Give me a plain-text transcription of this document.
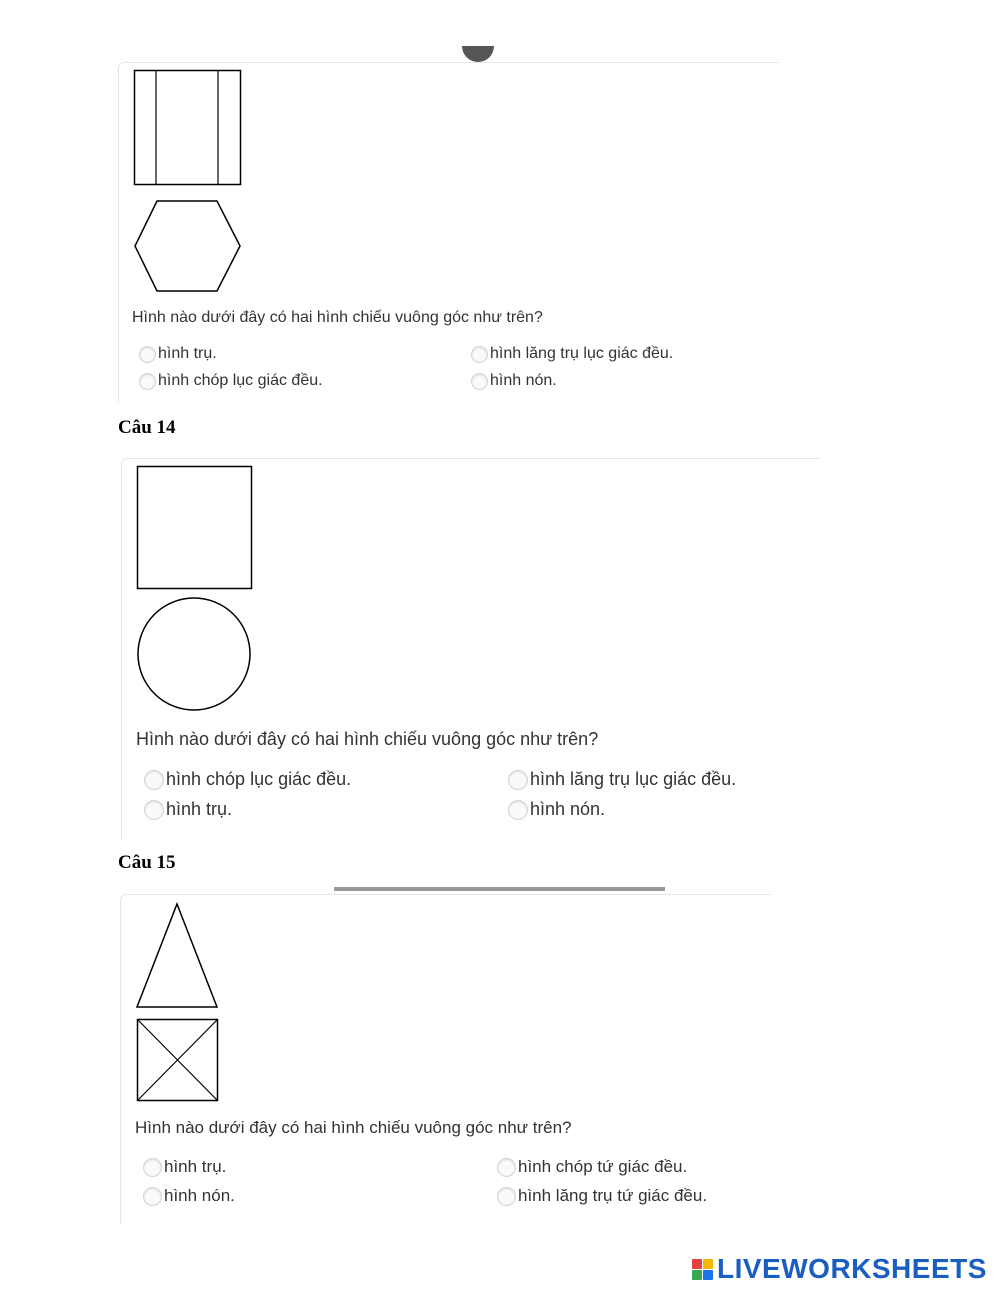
Hình nào dưới đây có hai hình chiếu vuông góc như trên?
hình trụ.	hình lăng trụ lục giác đều.
hình chóp lục giác đều.	hình nón.
Câu 14
Hình nào dưới đây có hai hình chiếu vuông góc như trên?
hình chóp lục giác đều.	hình lăng trụ lục giác đều.
hình trụ.	hình nón.
Câu 15
Hình nào dưới đây có hai hình chiếu vuông góc như trên?
hình trụ.	hình chóp tứ giác đều.
hình nón.	hình lăng trụ tứ giác đều.
LIVEWORKSHEETS
